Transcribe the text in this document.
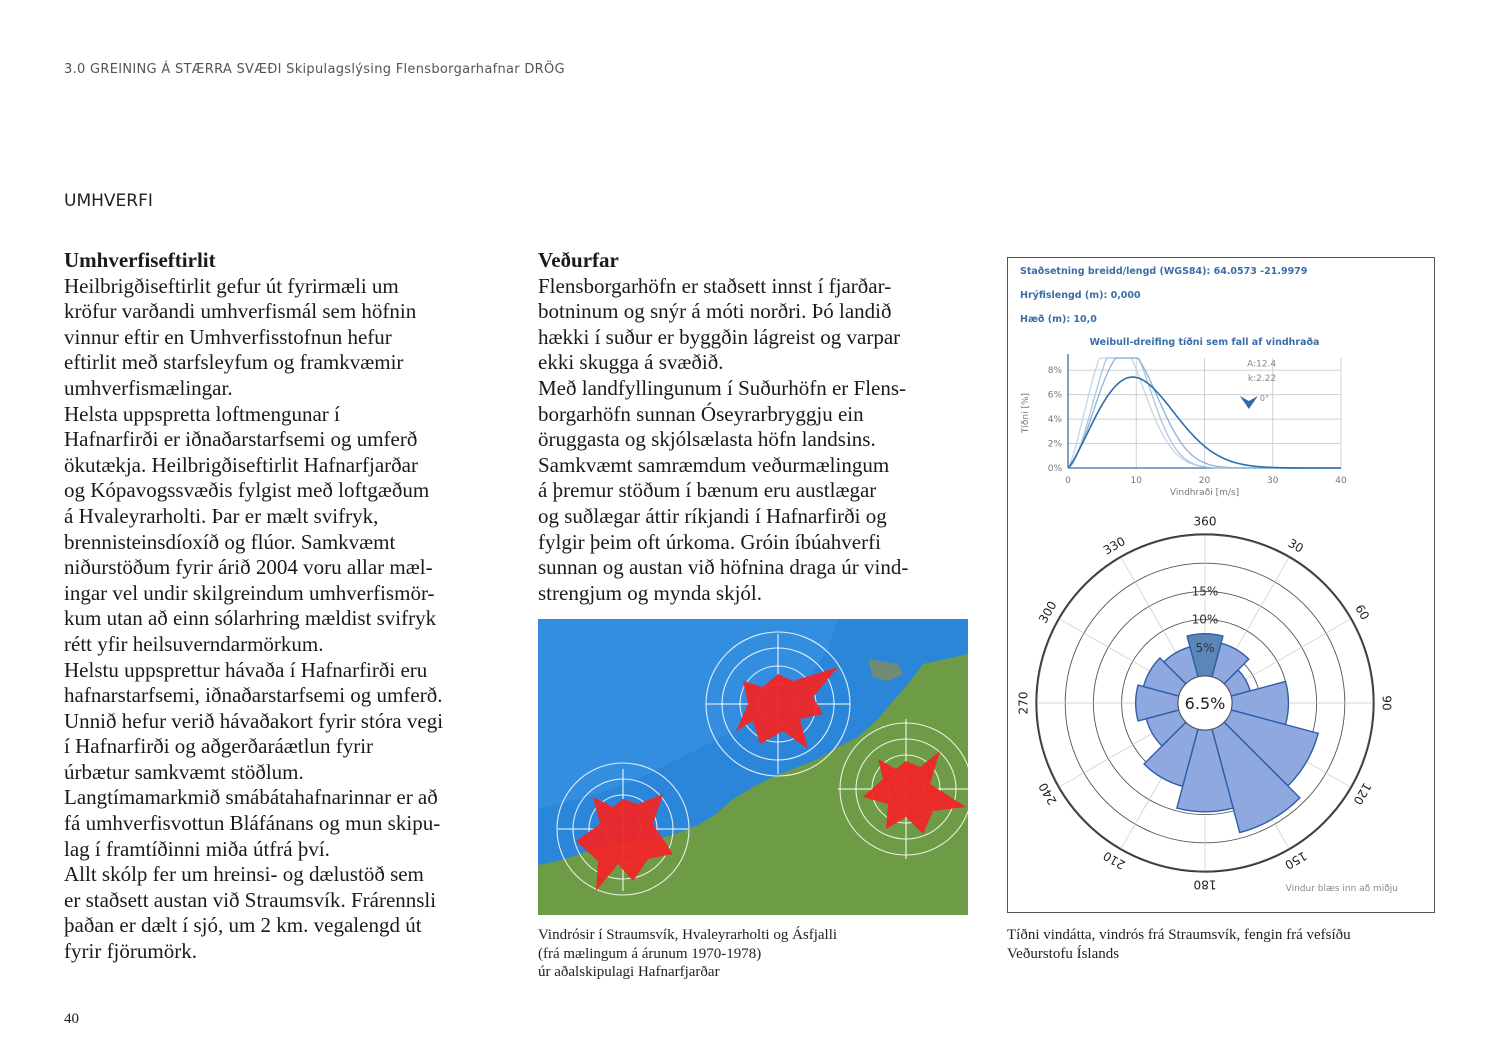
3.0 GREINING Á STÆRRA SVÆÐI Skipulagslýsing Flensborgarhafnar DRÖG
UMHVERFI
Umhverfiseftirlit
Heilbrigðiseftirlit gefur út fyrirmæli um
kröfur varðandi umhverfismál sem höfnin
vinnur eftir en Umhverfisstofnun hefur
eftirlit með starfsleyfum og framkvæmir
umhverfismælingar.
Helsta uppspretta loftmengunar í
Hafnarfirði er iðnaðarstarfsemi og umferð
ökutækja. Heilbrigðiseftirlit Hafnarfjarðar
og Kópavogssvæðis fylgist með loftgæðum
á Hvaleyrarholti. Þar er mælt svifryk,
brennisteinsdíoxíð og flúor. Samkvæmt
niðurstöðum fyrir árið 2004 voru allar mæl-
ingar vel undir skilgreindum umhverfismör-
kum utan að einn sólarhring mældist svifryk
rétt yfir heilsuverndarmörkum.
Helstu uppsprettur hávaða í Hafnarfirði eru
hafnarstarfsemi, iðnaðarstarfsemi og umferð.
Unnið hefur verið hávaðakort fyrir stóra vegi
í Hafnarfirði og aðgerðaráætlun fyrir
úrbætur samkvæmt stöðlum.
Langtímamarkmið smábátahafnarinnar er að
fá umhverfisvottun Bláfánans og mun skipu-
lag í framtíðinni miða útfrá því.
Allt skólp fer um hreinsi- og dælustöð sem
er staðsett austan við Straumsvík. Frárennsli
þaðan er dælt í sjó, um 2 km. vegalengd út
fyrir fjörumörk.
Veðurfar
Flensborgarhöfn er staðsett innst í fjarðar-
botninum og snýr á móti norðri. Þó landið
hækki í suður er byggðin lágreist og varpar
ekki skugga á svæðið.
Með landfyllingunum í Suðurhöfn er Flens-
borgarhöfn sunnan Óseyrarbryggju ein
öruggasta og skjólsælasta höfn landsins.
Samkvæmt samræmdum veðurmælingum
á þremur stöðum í bænum eru austlægar
og suðlægar áttir ríkjandi í Hafnarfirði og
fylgir þeim oft úrkoma. Gróin íbúahverfi
sunnan og austan við höfnina draga úr vind-
strengjum og mynda skjól.
Vindrósir í Straumsvík, Hvaleyrarholti og Ásfjalli
(frá mælingum á árunum 1970-1978)
úr aðalskipulagi Hafnarfjarðar
Staðsetning breidd/lengd (WGS84): 64.0573 -21.9979
Hrýfislengd (m): 0,000
Hæð (m): 10,0
Weibull-dreifing tíðni sem fall af vindhraða
0%
2%
4%
6%
8%
0	10	20	30	40
Vindhraði [m/s]
Tíðni [%]
A:12.4
k:2.22
0°
5%
10%
15%
6.5%
360
30
60
90
120
150
180
210
240
270
300
330
Vindur blæs inn að miðju
Tíðni vindátta, vindrós frá Straumsvík, fengin frá vefsíðu
Veðurstofu Íslands
40
